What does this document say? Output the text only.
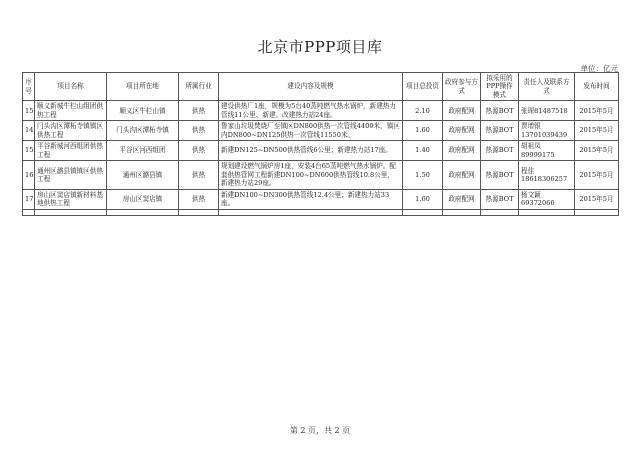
北京市PPP项目库
单位：亿元
序号	项目名称	项目所在地	所属行业	建设内容及规模	项目总投资	政府参与方式	拟采用的PPP操作模式	责任人及联系方式	发布时间
15	顺义新城牛栏山组团供热工程	顺义区牛栏山镇	供热	建设供热厂1座，规模为5台40蒸吨燃气热水锅炉，新建热力管线11公里、新建、改建热力站24座。	2.10	政府配网	热源BOT	张琛81487518	2015年5月
14	门头沟区潭柘寺镇镇区供热工程	门头沟区潭柘寺镇	供热	鲁家山垃圾焚烧厂至镇区DN800供热一次管线4400米，镇区内DN800~DN125供热一次管线11550米。	1.60	政府配网	热源BOT	贾增银13701039439	2015年5月
15	平谷新城河西组团供热工程	平谷区河西组团	供热	新建DN125~DN500供热管线6公里；新建热力站17座。	1.40	政府配网	热源BOT	胡祖凤89999175	2015年5月
16	通州区潞县镇镇区供热工程	通州区潞县镇	供热	规划建设燃气锅炉房1座，安装4台65蒸吨燃气热水锅炉。配套供热管网工程新建DN100~DN600供热管线10.8公里，新建热力站29座。	1.50	政府配网	热源BOT	程佳18618306257	2015年5月
17	房山区窦店镇新材料基地供热工程	房山区窦店镇	供热	新建DN100~DN300供热管线12.4公里；新建热力站33座。	1.60	政府配网	热源BOT	杨文颖69372066	2015年5月

第 2 页，共 2 页
